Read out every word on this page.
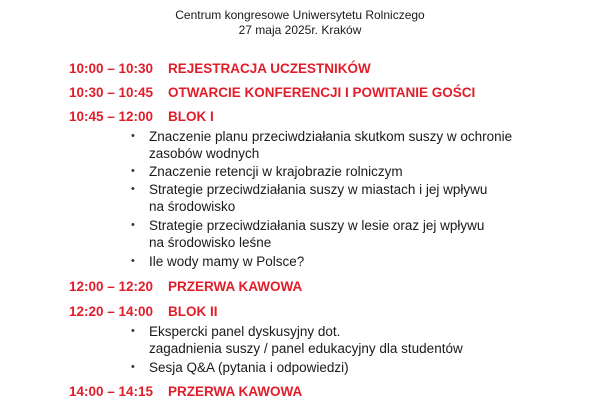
Centrum kongresowe Uniwersytetu Rolniczego
27 maja 2025r. Kraków
10:00 – 10:30	REJESTRACJA UCZESTNIKÓW
10:30 – 10:45	OTWARCIE KONFERENCJI I POWITANIE GOŚCI
10:45 – 12:00	BLOK I
• Znaczenie planu przeciwdziałania skutkom suszy w ochronie
zasobów wodnych
• Znaczenie retencji w krajobrazie rolniczym
• Strategie przeciwdziałania suszy w miastach i jej wpływu
na środowisko
• Strategie przeciwdziałania suszy w lesie oraz jej wpływu
na środowisko leśne
• Ile wody mamy w Polsce?
12:00 – 12:20	PRZERWA KAWOWA
12:20 – 14:00	BLOK II
• Ekspercki panel dyskusyjny dot.
zagadnienia suszy / panel edukacyjny dla studentów
• Sesja Q&A (pytania i odpowiedzi)
14:00 – 14:15	PRZERWA KAWOWA
